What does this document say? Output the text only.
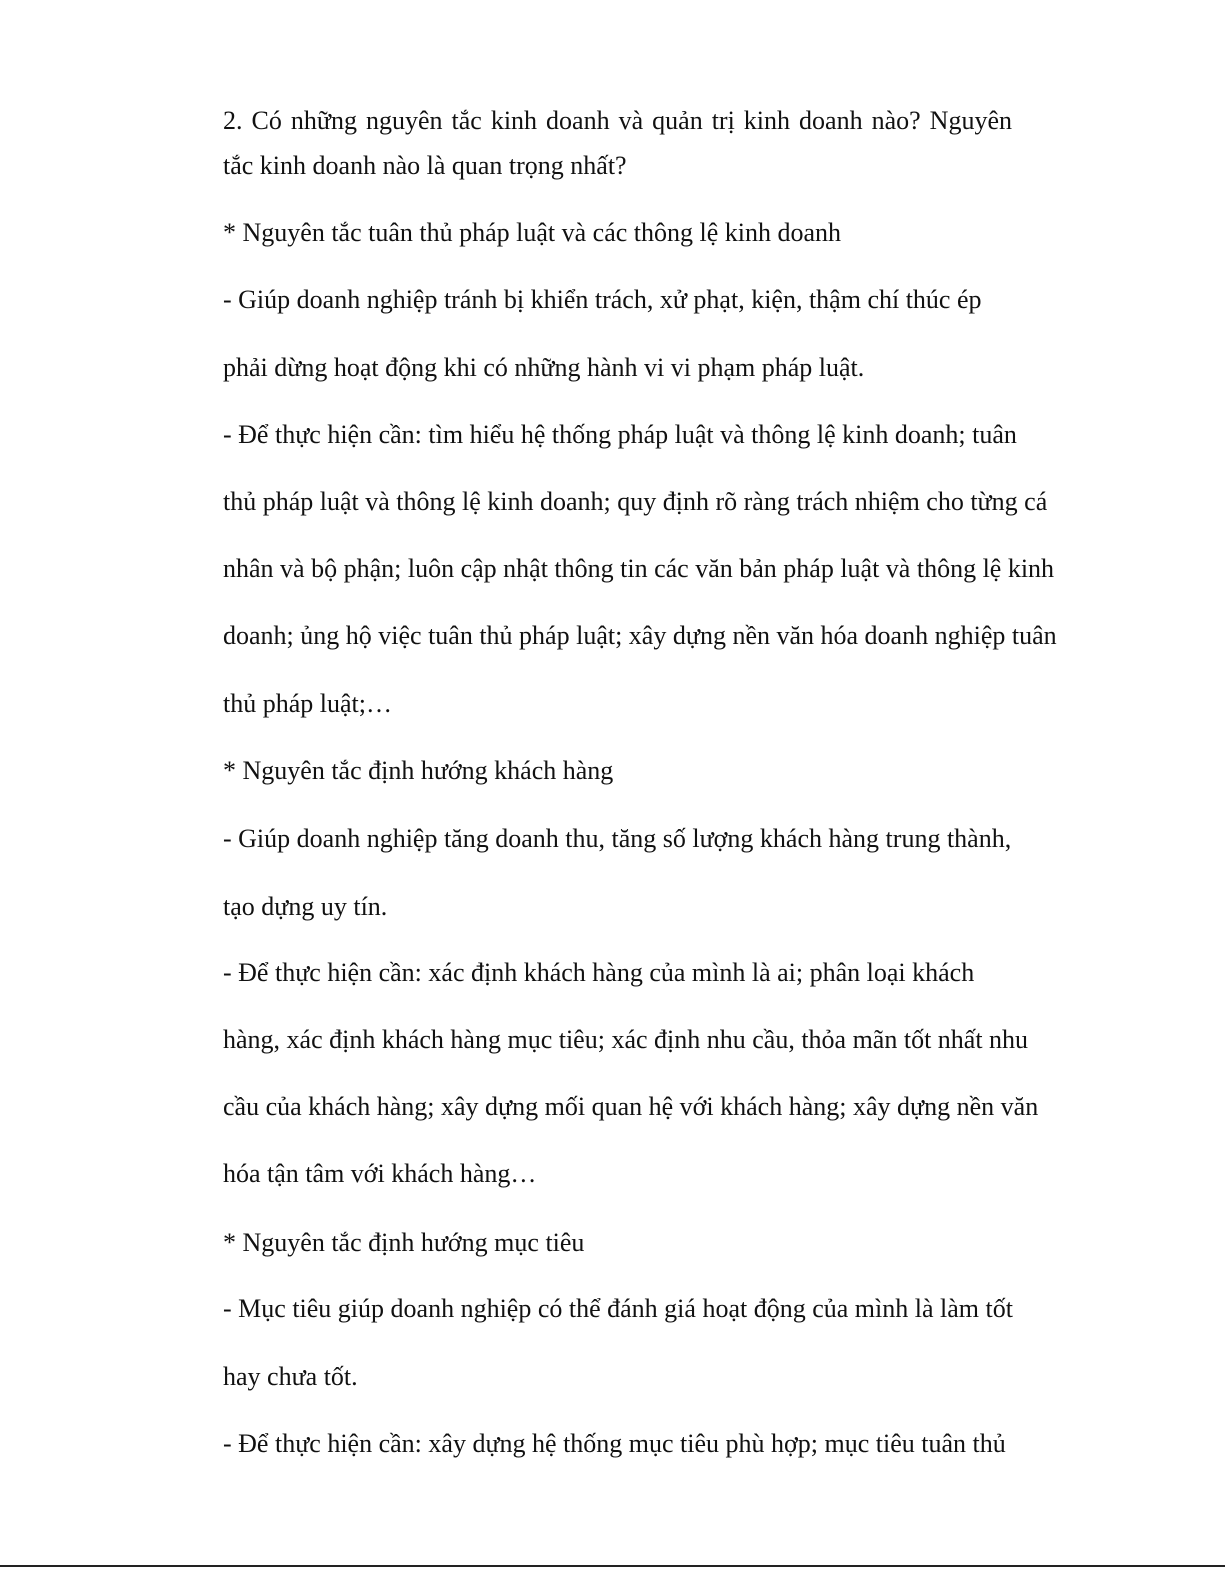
2. Có những nguyên tắc kinh doanh và quản trị kinh doanh nào? Nguyên
tắc kinh doanh nào là quan trọng nhất?
* Nguyên tắc tuân thủ pháp luật và các thông lệ kinh doanh
- Giúp doanh nghiệp tránh bị khiển trách, xử phạt, kiện, thậm chí thúc ép
phải dừng hoạt động khi có những hành vi vi phạm pháp luật.
- Để thực hiện cần: tìm hiểu hệ thống pháp luật và thông lệ kinh doanh; tuân
thủ pháp luật và thông lệ kinh doanh; quy định rõ ràng trách nhiệm cho từng cá
nhân và bộ phận; luôn cập nhật thông tin các văn bản pháp luật và thông lệ kinh
doanh; ủng hộ việc tuân thủ pháp luật; xây dựng nền văn hóa doanh nghiệp tuân
thủ pháp luật;…
* Nguyên tắc định hướng khách hàng
- Giúp doanh nghiệp tăng doanh thu, tăng số lượng khách hàng trung thành,
tạo dựng uy tín.
- Để thực hiện cần: xác định khách hàng của mình là ai; phân loại khách
hàng, xác định khách hàng mục tiêu; xác định nhu cầu, thỏa mãn tốt nhất nhu
cầu của khách hàng; xây dựng mối quan hệ với khách hàng; xây dựng nền văn
hóa tận tâm với khách hàng…
* Nguyên tắc định hướng mục tiêu
- Mục tiêu giúp doanh nghiệp có thể đánh giá hoạt động của mình là làm tốt
hay chưa tốt.
- Để thực hiện cần: xây dựng hệ thống mục tiêu phù hợp; mục tiêu tuân thủ
